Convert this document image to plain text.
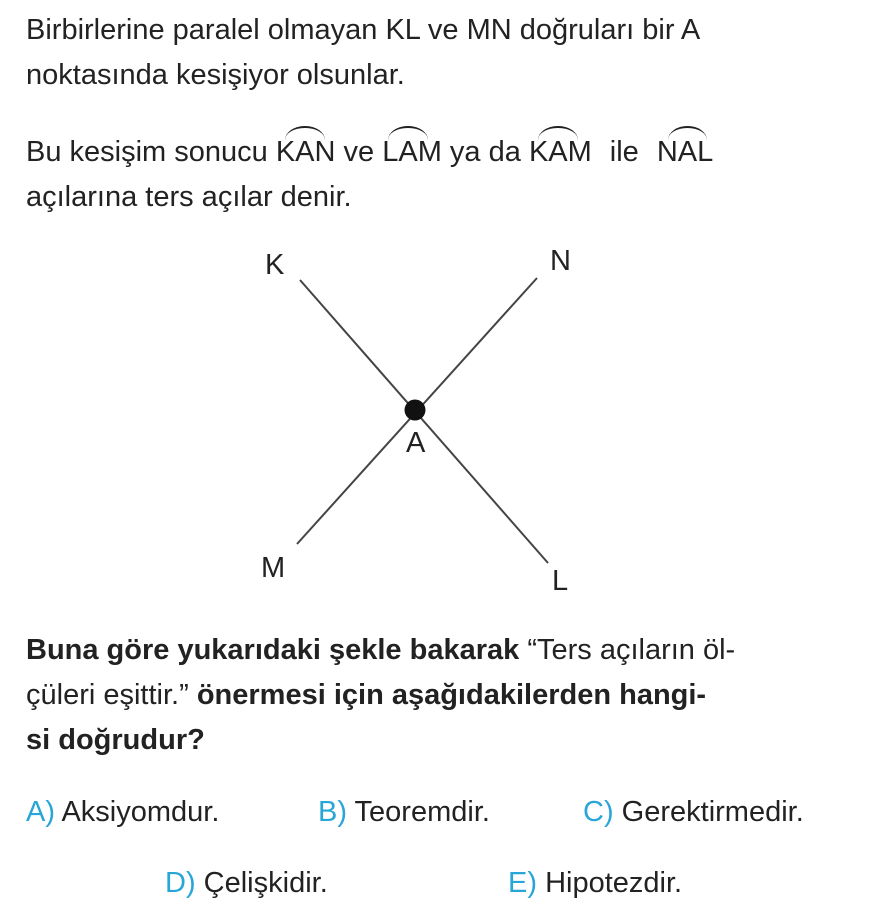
Birbirlerine paralel olmayan KL ve MN doğruları bir A
noktasında kesişiyor olsunlar.

Bu kesişim sonucu KAN ve LAM ya da KAM ile NAL
açılarına ters açılar denir.

K	N
A
M	L

Buna göre yukarıdaki şekle bakarak “Ters açıların öl-
çüleri eşittir.” önermesi için aşağıdakilerden hangi-
si doğrudur?

A) Aksiyomdur.	B) Teoremdir.	C) Gerektirmedir.
D) Çelişkidir.	E) Hipotezdir.
